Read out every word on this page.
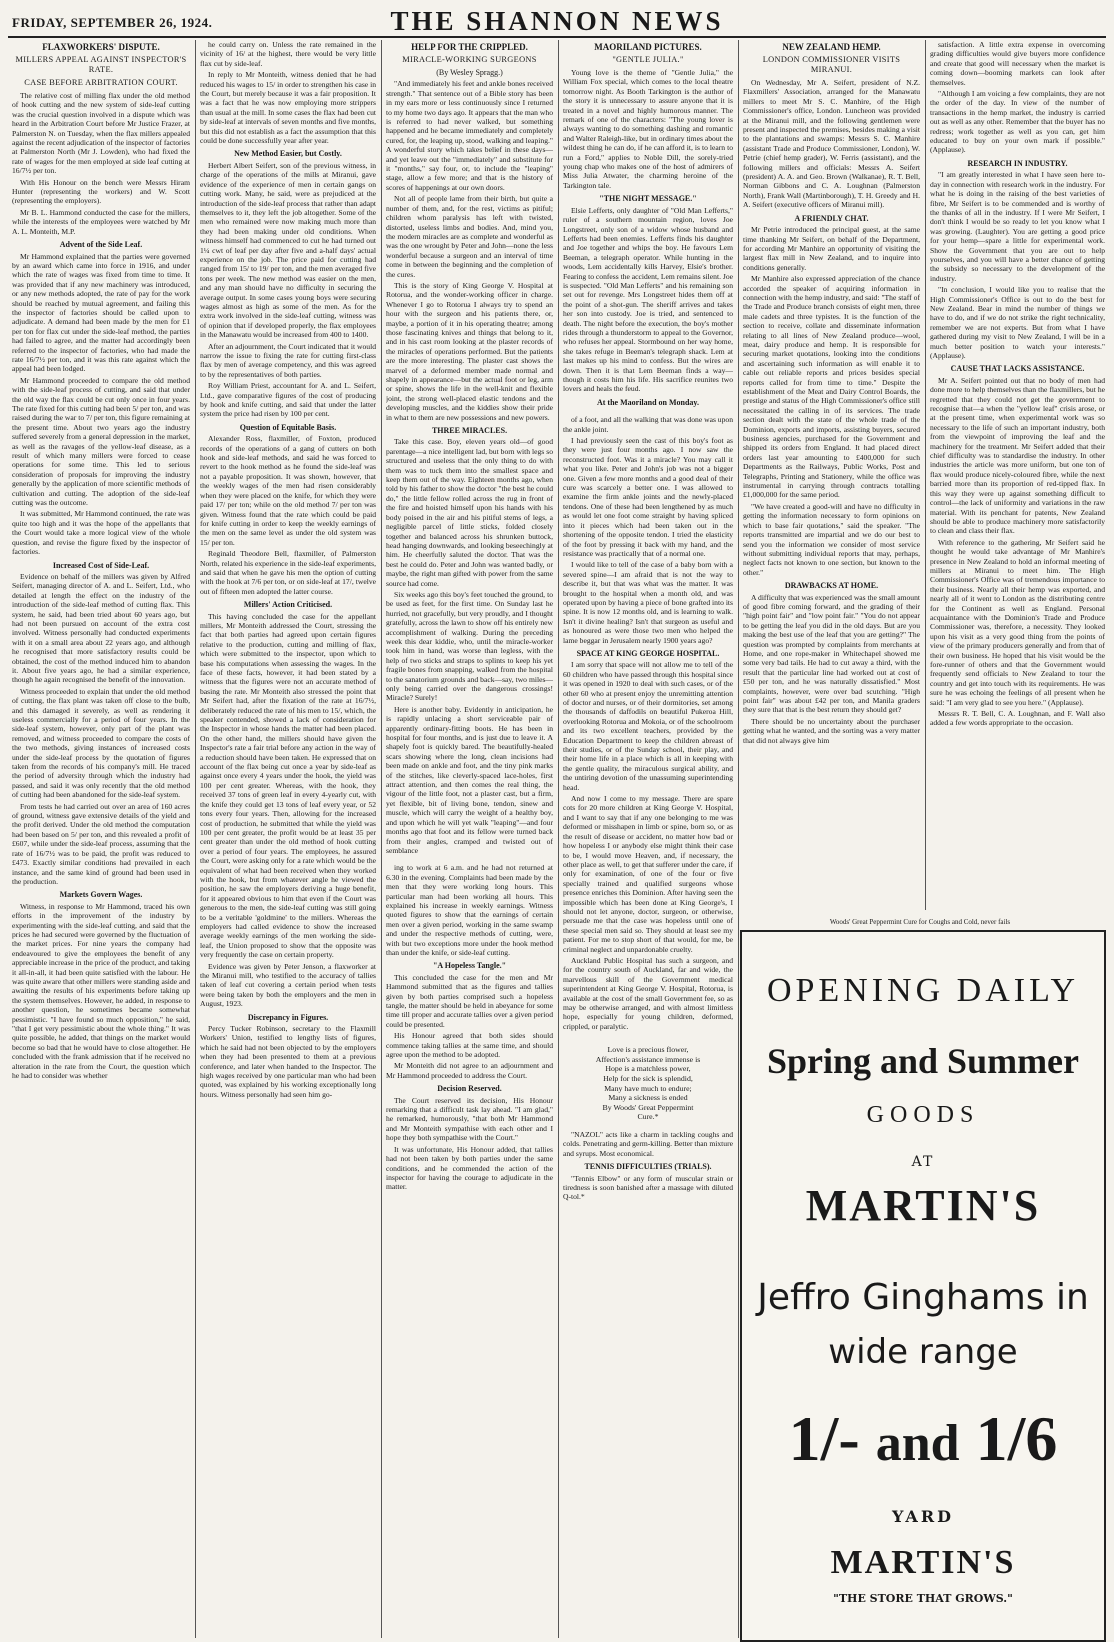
FRIDAY, SEPTEMBER 26, 1924.	THE SHANNON NEWS
FLAXWORKERS' DISPUTE.
MILLERS APPEAL AGAINST INSPECTOR'S RATE.
CASE BEFORE ARBITRATION COURT.

The relative cost of milling flax under the old method of hook cutting and the new system of side-leaf cutting was the crucial question involved in a dispute which was heard in the Arbitration Court before Mr Justice Frazer, at Palmerston N. on Tuesday, when the flax millers appealed against the recent adjudication of the inspector of factories at Palmerston North (Mr J. Lowden), who had fixed the rate of wages for the men employed at side leaf cutting at 16/7½ per ton.

With His Honour on the bench were Messrs Hiram Hunter (representing the workers) and W. Scott (representing the employers).

Mr B. L. Hammond conducted the case for the millers, while the interests of the employees were watched by Mr A. L. Monteith, M.P.

Advent of the Side Leaf.

Mr Hammond explained that the parties were governed by an award which came into force in 1916, and under which the rate of wages was fixed from time to time. It was provided that if any new machinery was introduced, or any new methods adopted, the rate of pay for the work should be reached by mutual agreement, and failing this the inspector of factories should be called upon to adjudicate. A demand had been made by the men for £1 per ton for flax cut under the side-leaf method, the parties had failed to agree, and the matter had accordingly been referred to the inspector of factories, who had made the rate 16/7½ per ton, and it was this rate against which the appeal had been lodged.

Mr Hammond proceeded to compare the old method with the side-leaf process of cutting, and said that under the old way the flax could be cut only once in four years. The rate fixed for this cutting had been 5/ per ton, and was raised during the war to 7/ per ton, this figure remaining at the present time. About two years ago the industry suffered severely from a general depression in the market, as well as the ravages of the yellow-leaf disease, as a result of which many millers were forced to cease operations for some time. This led to serious consideration of proposals for improving the industry generally by the application of more scientific methods of cultivation and cutting. The adoption of the side-leaf cutting was the outcome.

It was submitted, Mr Hammond continued, the rate was quite too high and it was the hope of the appellants that the Court would take a more logical view of the whole question, and revise the figure fixed by the inspector of factories.

Increased Cost of Side-Leaf.

Evidence on behalf of the millers was given by Alfred Seifert, managing director of A. and L. Seifert, Ltd., who detailed at length the effect on the industry of the introduction of the side-leaf method of cutting flax. This system, he said, had been tried about 60 years ago, but had not been pursued on account of the extra cost involved. Witness personally had conducted experiments with it on a small area about 22 years ago, and although he recognised that more satisfactory results could be obtained, the cost of the method induced him to abandon it. About five years ago, he had a similar experience, though he again recognised the benefit of the innovation.

Witness proceeded to explain that under the old method of cutting, the flax plant was taken off close to the bulb, and this damaged it severely, as well as rendering it useless commercially for a period of four years. In the side-leaf system, however, only part of the plant was removed, and witness proceeded to compare the costs of the two methods, giving instances of increased costs under the side-leaf process by the quotation of figures taken from the records of his company's mill. He traced the period of adversity through which the industry had passed, and said it was only recently that the old method of cutting had been abandoned for the side-leaf system.

From tests he had carried out over an area of 160 acres of ground, witness gave extensive details of the yield and the profit derived. Under the old method the computation had been based on 5/ per ton, and this revealed a profit of £607, while under the side-leaf process, assuming that the rate of 16/7½ was to be paid, the profit was reduced to £473. Exactly similar conditions had prevailed in each instance, and the same kind of ground had been used in the production.

Markets Govern Wages.

Witness, in response to Mr Hammond, traced his own efforts in the improvement of the industry by experimenting with the side-leaf cutting, and said that the prices he had secured were governed by the fluctuation of the market prices. For nine years the company had endeavoured to give the employees the benefit of any appreciable increase in the price of the product, and taking it all-in-all, it had been quite satisfied with the labour. He was quite aware that other millers were standing aside and awaiting the results of his experiments before taking up the system themselves. However, he added, in response to another question, he sometimes became somewhat pessimistic. "I have found so much opposition," he said, "that I get very pessimistic about the whole thing." It was quite possible, he added, that things on the market would become so bad that he would have to close altogether. He concluded with the frank admission that if he received no alteration in the rate from the Court, the question which he had to consider was whether

he could carry on. Unless the rate remained in the vicinity of 16/ at the highest, there would be very little flax cut by side-leaf.

In reply to Mr Monteith, witness denied that he had reduced his wages to 15/ in order to strengthen his case in the Court, but merely because it was a fair proposition. It was a fact that he was now employing more strippers than usual at the mill. In some cases the flax had been cut by side-leaf at intervals of seven months and five months, but this did not establish as a fact the assumption that this could be done successfully year after year.

New Method Easier, but Costly.

Herbert Albert Seifert, son of the previous witness, in charge of the operations of the mills at Miranui, gave evidence of the experience of men in certain gangs on cutting work. Many, he said, were as prejudiced at the introduction of the side-leaf process that rather than adapt themselves to it, they left the job altogether. Some of the men who remained were now making much more than they had been making under old conditions. When witness himself had commenced to cut he had turned out 1¼ cwt of leaf per day after five and a-half days' actual experience on the job. The price paid for cutting had ranged from 15/ to 19/ per ton, and the men averaged five tons per week. The new method was easier on the men, and any man should have no difficulty in securing the average output. In some cases young boys were securing wages almost as high as some of the men. As for the extra work involved in the side-leaf cutting, witness was of opinion that if developed properly, the flax employees in the Manawatu would be increased from 400 to 1400.

After an adjournment, the Court indicated that it would narrow the issue to fixing the rate for cutting first-class flax by men of average competency, and this was agreed to by the representatives of both parties.

Roy William Priest, accountant for A. and L. Seifert, Ltd., gave comparative figures of the cost of producing by hook and knife cutting, and said that under the latter system the price had risen by 100 per cent.

Question of Equitable Basis.

Alexander Ross, flaxmiller, of Foxton, produced records of the operations of a gang of cutters on both hook and side-leaf methods, and said he was forced to revert to the hook method as he found the side-leaf was not a payable proposition. It was shown, however, that the weekly wages of the men had risen considerably when they were placed on the knife, for which they were paid 17/ per ton; while on the old method 7/ per ton was given. Witness found that the rate which could be paid for knife cutting in order to keep the weekly earnings of the men on the same level as under the old system was 15/ per ton.

Reginald Theodore Bell, flaxmiller, of Palmerston North, related his experience in the side-leaf experiments, and said that when he gave his men the option of cutting with the hook at 7/6 per ton, or on side-leaf at 17/, twelve out of fifteen men adopted the latter course.

Millers' Action Criticised.

This having concluded the case for the appellant millers, Mr Monteith addressed the Court, stressing the fact that both parties had agreed upon certain figures relative to the production, cutting and milling of flax, which were submitted to the inspector, upon which to base his computations when assessing the wages. In the face of these facts, however, it had been stated by a witness that the figures were not an accurate method of basing the rate. Mr Monteith also stressed the point that Mr Seifert had, after the fixation of the rate at 16/7½, deliberately reduced the rate of his men to 15/, which, the speaker contended, showed a lack of consideration for the Inspector in whose hands the matter had been placed. On the other hand, the millers should have given the Inspector's rate a fair trial before any action in the way of a reduction should have been taken. He expressed that on account of the flax being cut once a year by side-leaf as against once every 4 years under the hook, the yield was 100 per cent greater. Whereas, with the hook, they received 37 tons of green leaf in every 4-yearly cut, with the knife they could get 13 tons of leaf every year, or 52 tons every four years. Then, allowing for the increased cost of production, he submitted that while the yield was 100 per cent greater, the profit would be at least 35 per cent greater than under the old method of hook cutting over a period of four years. The employees, he assured the Court, were asking only for a rate which would be the equivalent of what had been received when they worked with the hook, but from whatever angle he viewed the position, he saw the employers deriving a huge benefit, for it appeared obvious to him that even if the Court was generous to the men, the side-leaf cutting was still going to be a veritable 'goldmine' to the millers. Whereas the employers had called evidence to show the increased average weekly earnings of the men working the side-leaf, the Union proposed to show that the opposite was very frequently the case on certain property.

Evidence was given by Peter Jenson, a flaxworker at the Miranui mill, who testified to the accuracy of tallies taken of leaf cut covering a certain period when tests were being taken by both the employers and the men in August, 1923.

Discrepancy in Figures.

Percy Tucker Robinson, secretary to the Flaxmill Workers' Union, testified to lengthy lists of figures, which he said had not been objected to by the employers when they had been presented to them at a previous conference, and later when handed to the Inspector. The high wages received by one particular man who had been quoted, was explained by his working exceptionally long hours. Witness personally had seen him go-

HELP FOR THE CRIPPLED.
MIRACLE-WORKING SURGEONS
(By Wesley Spragg.)

"And immediately his feet and ankle bones received strength." That sentence out of a Bible story has been in my ears more or less continuously since I returned to my home two days ago. It appears that the man who is referred to had never walked, but something happened and he became immediately and completely cured, for, the leaping up, stood, walking and leaping." A wonderful story which takes belief in these days—and yet leave out the "immediately" and substitute for it "months," say four, or, to include the "leaping" stage, allow a few more; and that is the history of scores of happenings at our own doors.

Not all of people lame from their birth, but quite a number of them, and, for the rest, victims as pitiful; children whom paralysis has left with twisted, distorted, useless limbs and bodies. And, mind you, the modern miracles are as complete and wonderful as was the one wrought by Peter and John—none the less wonderful because a surgeon and an interval of time come in between the beginning and the completion of the cures.

This is the story of King George V. Hospital at Rotorua, and the wonder-working officer in charge. Whenever I go to Rotorua I always try to spend an hour with the surgeon and his patients there, or, maybe, a portion of it in his operating theatre; among those fascinating knives and things that belong to it, and in his cast room looking at the plaster records of the miracles of operations performed. But the patients are the more interesting. The plaster cast shows the marvel of a deformed member made normal and shapely in appearance—but the actual foot or leg, arm or spine, shows the life in the well-knit and flexible joint, the strong well-placed elastic tendons and the developing muscles, and the kiddies show their pride in what to them are new possessions and new powers.

THREE MIRACLES.

Take this case. Boy, eleven years old—of good parentage—a nice intelligent lad, but born with legs so structured and useless that the only thing to do with them was to tuck them into the smallest space and keep them out of the way. Eighteen months ago, when told by his father to show the doctor "the best he could do," the little fellow rolled across the rug in front of the fire and hoisted himself upon his hands with his body poised in the air and his pitiful stems of legs, a negligible parcel of little sticks, folded closely together and balanced across his shrunken buttock, head hanging downwards, and looking beseechingly at him. He cheerfully saluted the doctor. That was the best he could do. Peter and John was wanted badly, or maybe, the right man gifted with power from the same source had come.

Six weeks ago this boy's feet touched the ground, to be used as feet, for the first time. On Sunday last he hurried, not gracefully, but very proudly, and I thought gratefully, across the lawn to show off his entirely new accomplishment of walking. During the preceding week this dear kiddie, who, until the miracle-worker took him in hand, was worse than legless, with the help of two sticks and straps to splints to keep his yet fragile bones from snapping, walked from the hospital to the sanatorium grounds and back—say, two miles—only being carried over the dangerous crossings! Miracle? Surely!

Here is another baby. Evidently in anticipation, he is rapidly unlacing a short serviceable pair of apparently ordinary-fitting boots. He has been in hospital for four months, and is just due to leave it. A shapely foot is quickly bared. The beautifully-healed scars showing where the long, clean incisions had been made on ankle and foot, and the tiny pink marks of the stitches, like cleverly-spaced lace-holes, first attract attention, and then comes the real thing, the vigour of the little foot, not a plaster cast, but a firm, yet flexible, bit of living bone, tendon, sinew and muscle, which will carry the weight of a healthy boy, and upon which he will yet walk "leaping"—and four months ago that foot and its fellow were turned back from their angles, cramped and twisted out of semblance

ing to work at 6 a.m. and he had not returned at 6.30 in the evening. Complaints had been made by the men that they were working long hours. This particular man had been working all hours. This explained his increase in weekly earnings. Witness quoted figures to show that the earnings of certain men over a given period, working in the same swamp and under the respective methods of cutting, were, with but two exceptions more under the hook method than under the knife, or side-leaf cutting.

"A Hopeless Tangle."

This concluded the case for the men and Mr Hammond submitted that as the figures and tallies given by both parties comprised such a hopeless tangle, the matter should be held in abeyance for some time till proper and accurate tallies over a given period could be presented.

His Honour agreed that both sides should commence taking tallies at the same time, and should agree upon the method to be adopted.

Mr Monteith did not agree to an adjournment and Mr Hammond proceeded to address the Court.

Decision Reserved.

The Court reserved its decision, His Honour remarking that a difficult task lay ahead. "I am glad," he remarked, humorously, "that both Mr Hammond and Mr Monteith sympathise with each other and I hope they both sympathise with the Court."

It was unfortunate, His Honour added, that tallies had not been taken by both parties under the same conditions, and he commended the action of the inspector for having the courage to adjudicate in the matter.

MAORILAND PICTURES.
"GENTLE JULIA."

Young love is the theme of "Gentle Julia," the William Fox special, which comes to the local theatre tomorrow night. As Booth Tarkington is the author of the story it is unnecessary to assure anyone that it is treated in a novel and highly humorous manner. The remark of one of the characters: "The young lover is always wanting to do something dashing and romantic and Walter Raleigh-like, but in ordinary times about the wildest thing he can do, if he can afford it, is to learn to run a Ford," applies to Noble Dill, the sorely-tried young chap who makes one of the host of admirers of Miss Julia Atwater, the charming heroine of the Tarkington tale.

"THE NIGHT MESSAGE."

Elsie Lefferts, only daughter of "Old Man Lefferts," ruler of a southern mountain region, loves Joe Longstreet, only son of a widow whose husband and Lefferts had been enemies. Lefferts finds his daughter and Joe together and whips the boy. He favours Lem Beeman, a telegraph operator. While hunting in the woods, Lem accidentally kills Harvey, Elsie's brother. Fearing to confess the accident, Lem remains silent. Joe is suspected. "Old Man Lefferts" and his remaining son set out for revenge. Mrs Longstreet hides them off at the point of a shot-gun. The sheriff arrives and takes her son into custody. Joe is tried, and sentenced to death. The night before the execution, the boy's mother rides through a thunderstorm to appeal to the Governor, who refuses her appeal. Stormbound on her way home, she takes refuge in Beeman's telegraph shack. Lem at last makes up his mind to confess. But the wires are down. Then it is that Lem Beeman finds a way—though it costs him his life. His sacrifice reunites two lovers and heals the feud.

At the Maoriland on Monday.

of a foot, and all the walking that was done was upon the ankle joint.

I had previously seen the cast of this boy's foot as they were just four months ago. I now saw the reconstructed foot. Was it a miracle? You may call it what you like. Peter and John's job was not a bigger one. Given a few more months and a good deal of their cure was scarcely a better one. I was allowed to examine the firm ankle joints and the newly-placed tendons. One of these had been lengthened by as much as would let one foot come straight by having spliced into it pieces which had been taken out in the shortening of the opposite tendon. I tried the elasticity of the foot by pressing it back with my hand, and the resistance was practically that of a normal one.

I would like to tell of the case of a baby born with a severed spine—I am afraid that is not the way to describe it, but that was what was the matter. It was brought to the hospital when a month old, and was operated upon by having a piece of bone grafted into its spine. It is now 12 months old, and is learning to walk. Isn't it divine healing? Isn't that surgeon as useful and as honoured as were those two men who helped the lame beggar in Jerusalem nearly 1900 years ago?

SPACE AT KING GEORGE HOSPITAL.

I am sorry that space will not allow me to tell of the 60 children who have passed through this hospital since it was opened in 1920 to deal with such cases, or of the other 60 who at present enjoy the unremitting attention of doctor and nurses, or of their dormitories, set among the thousands of daffodils on beautiful Pukeroa Hill, overlooking Rotorua and Mokoia, or of the schoolroom and its two excellent teachers, provided by the Education Department to keep the children abreast of their studies, or of the Sunday school, their play, and their home life in a place which is all in keeping with the gentle quality, the miraculous surgical ability, and the untiring devotion of the unassuming superintending head.

And now I come to my message. There are spare cots for 20 more children at King George V. Hospital, and I want to say that if any one belonging to me was deformed or misshapen in limb or spine, born so, or as the result of disease or accident, no matter how bad or how hopeless I or anybody else might think their case to be, I would move Heaven, and, if necessary, the other place as well, to get that sufferer under the care, if only for examination, of one of the four or five specially trained and qualified surgeons whose presence enriches this Dominion. After having seen the impossible which has been done at King George's, I should not let anyone, doctor, surgeon, or otherwise, persuade me that the case was hopeless until one of these special men said so. They should at least see my patient. For me to stop short of that would, for me, be criminal neglect and unpardonable cruelty.

Auckland Public Hospital has such a surgeon, and for the country south of Auckland, far and wide, the marvellous skill of the Government medical superintendent at King George V. Hospital, Rotorua, is available at the cost of the small Government fee, so as may be otherwise arranged, and with almost limitless hope, especially for young children, deformed, crippled, or paralytic.

Love is a precious flower,
Affection's assistance immense is
Hope is a matchless power,
Help for the sick is splendid,
Many have much to endure;
Many a sickness is ended
By Woods' Great Peppermint
Cure.*

"NAZOL" acts like a charm in tackling coughs and colds. Penetrating and germ-killing. Better than mixture and syrups. Most economical.

TENNIS DIFFICULTIES (TRIALS).

"Tennis Elbow" or any form of muscular strain or tiredness is soon banished after a massage with diluted Q-tol.*

NEW ZEALAND HEMP.
LONDON COMMISSIONER VISITS MIRANUI.

On Wednesday, Mr A. Seifert, president of N.Z. Flaxmillers' Association, arranged for the Manawatu millers to meet Mr S. C. Manhire, of the High Commissioner's office, London. Luncheon was provided at the Miranui mill, and the following gentlemen were present and inspected the premises, besides making a visit to the plantations and swamps: Messrs S. C. Manhire (assistant Trade and Produce Commissioner, London), W. Petrie (chief hemp grader), W. Ferris (assistant), and the following millers and officials: Messrs A. Seifert (president) A. A. and Geo. Brown (Walkanae), R. T. Bell, Norman Gibbons and C. A. Loughnan (Palmerston North), Frank Wall (Martinborough), T. H. Greedy and H. A. Seifert (executive officers of Miranui mill).

A FRIENDLY CHAT.

Mr Petrie introduced the principal guest, at the same time thanking Mr Seifert, on behalf of the Department, for according Mr Manhire an opportunity of visiting the largest flax mill in New Zealand, and to inquire into conditions generally.

Mr Manhire also expressed appreciation of the chance accorded the speaker of acquiring information in connection with the hemp industry, and said: "The staff of the Trade and Produce branch consists of eight men, three male cadets and three typistes. It is the function of the section to receive, collate and disseminate information relating to all lines of New Zealand produce—wool, meat, dairy produce and hemp. It is responsible for securing market quotations, looking into the conditions and ascertaining such information as will enable it to cable out reliable reports and prices besides special reports called for from time to time." Despite the establishment of the Meat and Dairy Control Boards, the prestige and status of the High Commissioner's office still necessitated the calling in of its services. The trade section dealt with the state of the whole trade of the Dominion, exports and imports, assisting buyers, secured business agencies, purchased for the Government and shipped its orders from England. It had placed direct orders last year amounting to £400,000 for such Departments as the Railways, Public Works, Post and Telegraphs, Printing and Stationery, while the office was instrumental in carrying through contracts totalling £1,000,000 for the same period.

"We have created a good-will and have no difficulty in getting the information necessary to form opinions on which to base fair quotations," said the speaker. "The reports transmitted are impartial and we do our best to send you the information we consider of most service without submitting individual reports that may, perhaps, neglect facts not known to one section, but known to the other."

DRAWBACKS AT HOME.

A difficulty that was experienced was the small amount of good fibre coming forward, and the grading of their "high point fair" and "low point fair." "You do not appear to be getting the leaf you did in the old days. But are you making the best use of the leaf that you are getting?" The question was prompted by complaints from merchants at Home, and one rope-maker in Whitechapel showed me some very bad tails. He had to cut away a third, with the result that the particular line had worked out at cost of £50 per ton, and he was naturally dissatisfied." Most complaints, however, were over bad scutching. "High point fair" was about £42 per ton, and Manila graders they sure that that is the best return they should get?

There should be no uncertainty about the purchaser getting what he wanted, and the sorting was a very matter that did not always give him

satisfaction. A little extra expense in overcoming grading difficulties would give buyers more confidence and create that good will necessary when the market is coming down—booming markets can look after themselves.

"Although I am voicing a few complaints, they are not the order of the day. In view of the number of transactions in the hemp market, the industry is carried out as well as any other. Remember that the buyer has no redress; work together as well as you can, get him educated to buy on your own mark if possible." (Applause).

RESEARCH IN INDUSTRY.

"I am greatly interested in what I have seen here to-day in connection with research work in the industry. For what he is doing in the raising of the best varieties of fibre, Mr Seifert is to be commended and is worthy of the thanks of all in the industry. If I were Mr Seifert, I don't think I would be so ready to let you know what I was growing. (Laughter). You are getting a good price for your hemp—spare a little for experimental work. Show the Government that you are out to help yourselves, and you will have a better chance of getting the subsidy so necessary to the development of the industry.

"In conclusion, I would like you to realise that the High Commissioner's Office is out to do the best for New Zealand. Bear in mind the number of things we have to do, and if we do not strike the right technicality, remember we are not experts. But from what I have gathered during my visit to New Zealand, I will be in a much better position to watch your interests." (Applause).

CAUSE THAT LACKS ASSISTANCE.

Mr A. Seifert pointed out that no body of men had done more to help themselves than the flaxmillers, but he regretted that they could not get the government to recognise that—a when the "yellow leaf" crisis arose, or at the present time, when experimental work was so necessary to the life of such an important industry, both from the viewpoint of improving the leaf and the machinery for the treatment. Mr Seifert added that their chief difficulty was to standardise the industry. In other industries the article was more uniform, but one ton of flax would produce nicely-coloured fibre, while the next barried more than its proportion of red-tipped flax. In this way they were up against something difficult to control—the lack of uniformity and variations in the raw material. With its penchant for patents, New Zealand should be able to produce machinery more satisfactorily to clean and class their flax.

With reference to the gathering, Mr Seifert said he thought he would take advantage of Mr Manhire's presence in New Zealand to hold an informal meeting of millers at Miranui to meet him. The High Commissioner's Office was of tremendous importance to their business. Nearly all their hemp was exported, and nearly all of it went to London as the distributing centre for the Continent as well as England. Personal acquaintance with the Dominion's Trade and Produce Commissioner was, therefore, a necessity. They looked upon his visit as a very good thing from the points of view of the primary producers generally and from that of their own business. He hoped that his visit would be the fore-runner of others and that the Government would frequently send officials to New Zealand to tour the country and get into touch with its requirements. He was sure he was echoing the feelings of all present when he said: "I am very glad to see you here." (Applause).

Messrs R. T. Bell, C. A. Loughnan, and F. Wall also added a few words appropriate to the occasion.

Woods' Great Peppermint Cure for Coughs and Cold, never fails
OPENING DAILY
Spring and Summer
GOODS
AT
MARTIN'S
Jeffro Ginghams in
wide range
1/- and 1/6
YARD
MARTIN'S
"THE STORE THAT GROWS."
